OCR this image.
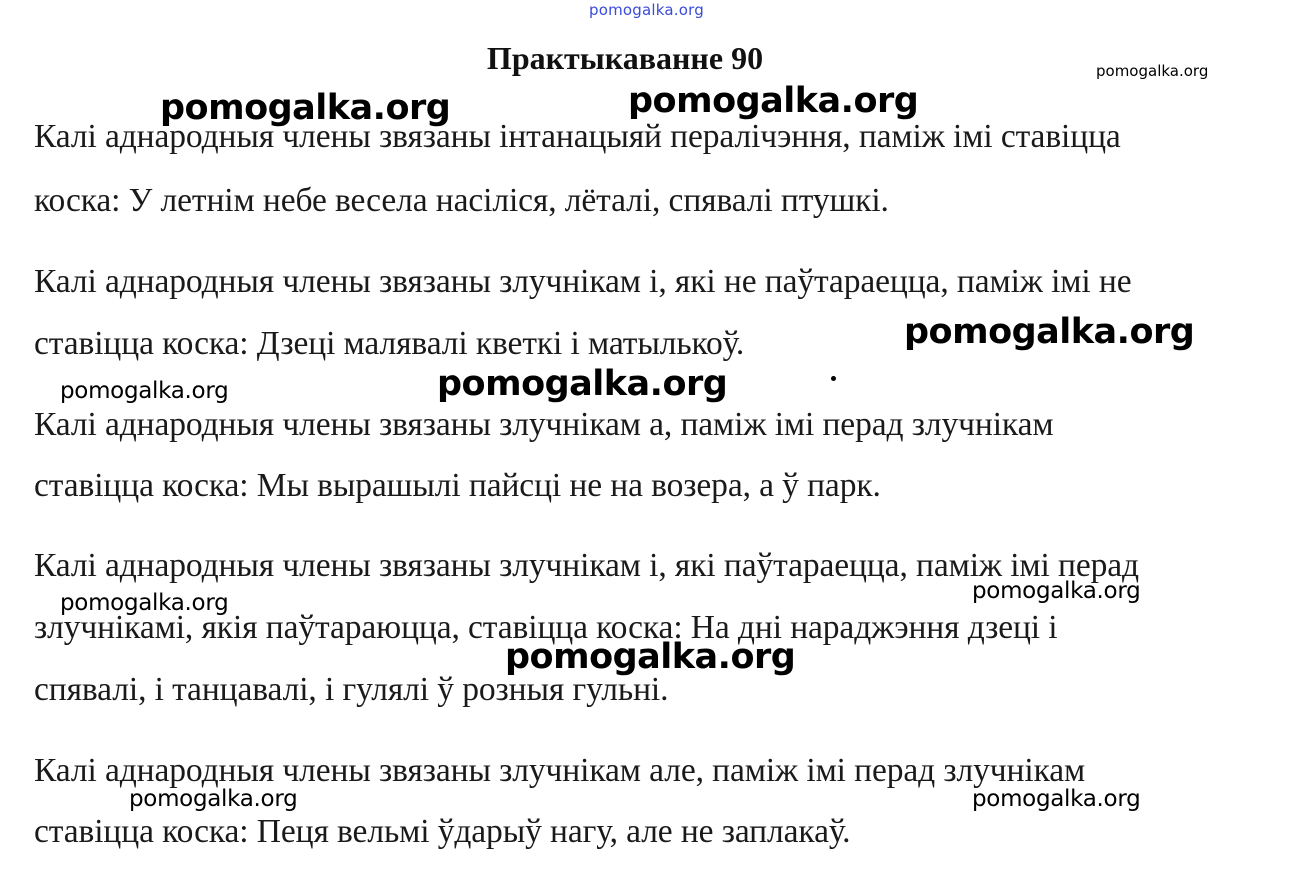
pomogalka.org
Практыкаванне 90
Калі аднародныя члены звязаны інтанацыяй пералічэння, паміж імі ставіцца
коска: У летнім небе весела насіліся, лёталі, спявалі птушкі.
Калі аднародныя члены звязаны злучнікам і, які не паўтараецца, паміж імі не
ставіцца коска: Дзеці малявалі кветкі і матылькоў.
Калі аднародныя члены звязаны злучнікам а, паміж імі перад злучнікам
ставіцца коска: Мы вырашылі пайсці не на возера, а ў парк.
Калі аднародныя члены звязаны злучнікам і, які паўтараецца, паміж імі перад
злучнікамі, якія паўтараюцца, ставіцца коска: На дні нараджэння дзеці і
спявалі, і танцавалі, і гулялі ў розныя гульні.
Калі аднародныя члены звязаны злучнікам але, паміж імі перад злучнікам
ставіцца коска: Пеця вельмі ўдарыў нагу, але не заплакаў.
pomogalka.org
pomogalka.org	pomogalka.org
pomogalka.org
pomogalka.org	pomogalka.org
pomogalka.org
pomogalka.org
pomogalka.org
pomogalka.org	pomogalka.org
